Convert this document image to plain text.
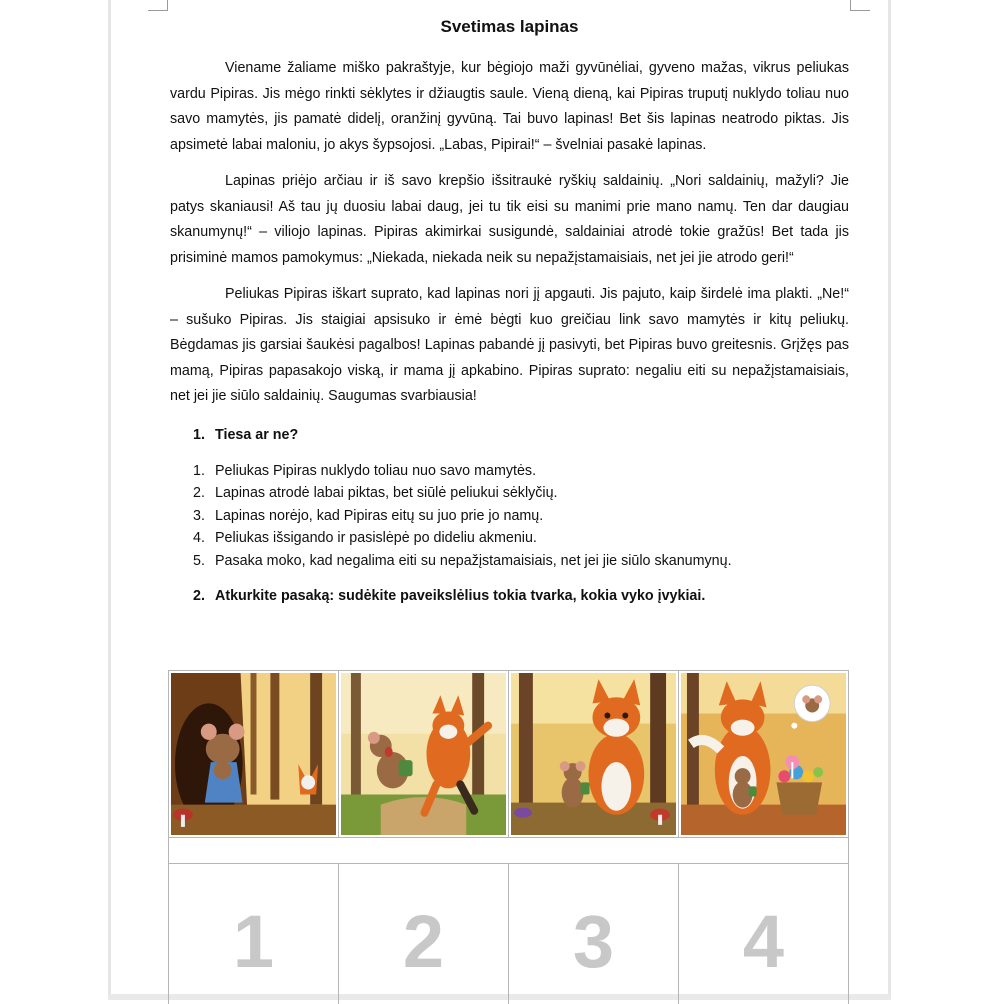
Svetimas lapinas

Viename žaliame miško pakraštyje, kur bėgiojo maži gyvūnėliai, gyveno mažas, vikrus peliukas vardu Pipiras. Jis mėgo rinkti sėklytes ir džiaugtis saule. Vieną dieną, kai Pipiras truputį nuklydo toliau nuo savo mamytės, jis pamatė didelį, oranžinį gyvūną. Tai buvo lapinas! Bet šis lapinas neatrodo piktas. Jis apsimetė labai maloniu, jo akys šypsojosi. „Labas, Pipirai!“ – švelniai pasakė lapinas.

Lapinas priėjo arčiau ir iš savo krepšio išsitraukė ryškių saldainių. „Nori saldainių, mažyli? Jie patys skaniausi! Aš tau jų duosiu labai daug, jei tu tik eisi su manimi prie mano namų. Ten dar daugiau skanumynų!“ – viliojo lapinas. Pipiras akimirkai susigundė, saldainiai atrodė tokie gražūs! Bet tada jis prisiminė mamos pamokymus: „Niekada, niekada neik su nepažįstamaisiais, net jei jie atrodo geri!“

Peliukas Pipiras iškart suprato, kad lapinas nori jį apgauti. Jis pajuto, kaip širdelė ima plakti. „Ne!“ – sušuko Pipiras. Jis staigiai apsisuko ir ėmė bėgti kuo greičiau link savo mamytės ir kitų peliukų. Bėgdamas jis garsiai šaukėsi pagalbos! Lapinas pabandė jį pasivyti, bet Pipiras buvo greitesnis. Grįžęs pas mamą, Pipiras papasakojo viską, ir mama jį apkabino. Pipiras suprato: negaliu eiti su nepažįstamaisiais, net jei jie siūlo saldainių. Saugumas svarbiausia!

1. Tiesa ar ne?
1. Peliukas Pipiras nuklydo toliau nuo savo mamytės.
2. Lapinas atrodė labai piktas, bet siūlė peliukui sėklyčių.
3. Lapinas norėjo, kad Pipiras eitų su juo prie jo namų.
4. Peliukas išsigando ir pasislėpė po dideliu akmeniu.
5. Pasaka moko, kad negalima eiti su nepažįstamaisiais, net jei jie siūlo skanumynų.
2. Atkurkite pasaką: sudėkite paveikslėlius tokia tvarka, kokia vyko įvykiai.
1	2	3	4
